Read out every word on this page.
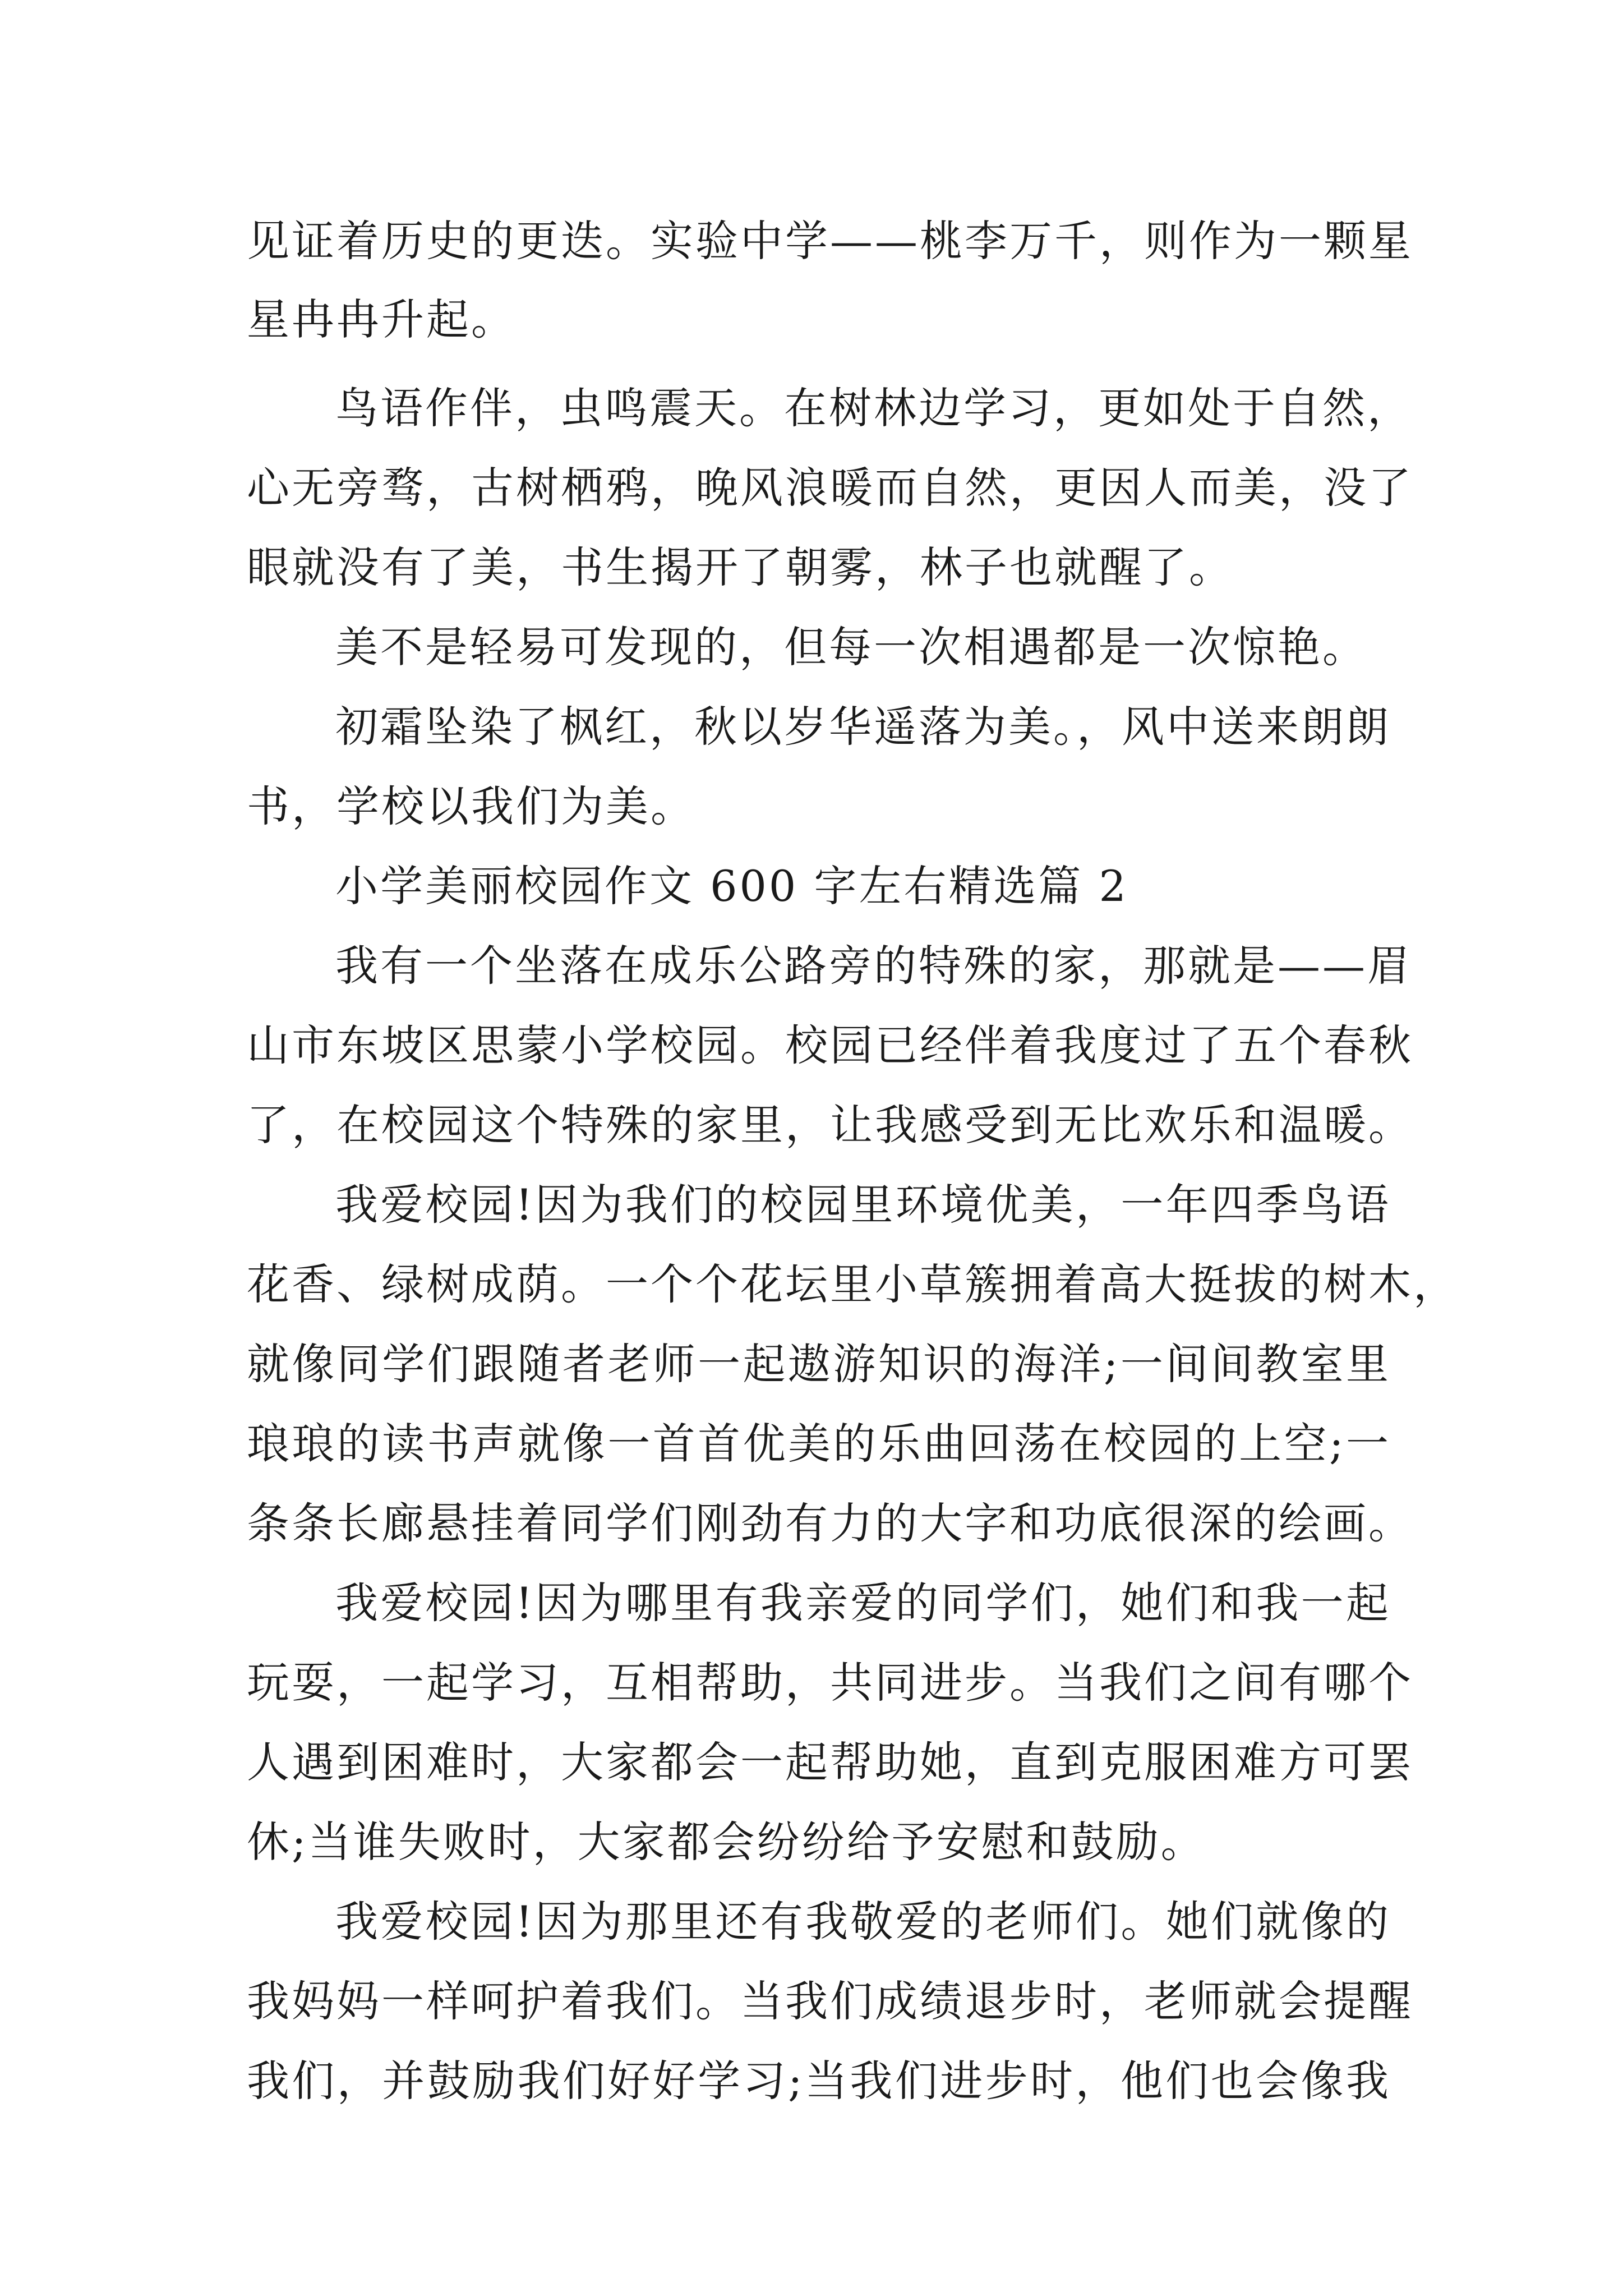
见证着历史的更迭。实验中学——桃李万千，则作为一颗星
星冉冉升起。
鸟语作伴，虫鸣震天。在树林边学习，更如处于自然，
心无旁骛，古树栖鸦，晚风浪暖而自然，更因人而美，没了
眼就没有了美，书生揭开了朝雾，林子也就醒了。
美不是轻易可发现的，但每一次相遇都是一次惊艳。
初霜坠染了枫红，秋以岁华遥落为美。，风中送来朗朗
书，学校以我们为美。
小学美丽校园作文 600 字左右精选篇 2
我有一个坐落在成乐公路旁的特殊的家，那就是——眉
山市东坡区思蒙小学校园。校园已经伴着我度过了五个春秋
了，在校园这个特殊的家里，让我感受到无比欢乐和温暖。
我爱校园!因为我们的校园里环境优美，一年四季鸟语
花香、绿树成荫。一个个花坛里小草簇拥着高大挺拔的树木，
就像同学们跟随者老师一起遨游知识的海洋;一间间教室里
琅琅的读书声就像一首首优美的乐曲回荡在校园的上空;一
条条长廊悬挂着同学们刚劲有力的大字和功底很深的绘画。
我爱校园!因为哪里有我亲爱的同学们，她们和我一起
玩耍，一起学习，互相帮助，共同进步。当我们之间有哪个
人遇到困难时，大家都会一起帮助她，直到克服困难方可罢
休;当谁失败时，大家都会纷纷给予安慰和鼓励。
我爱校园!因为那里还有我敬爱的老师们。她们就像的
我妈妈一样呵护着我们。当我们成绩退步时，老师就会提醒
我们，并鼓励我们好好学习;当我们进步时，他们也会像我
